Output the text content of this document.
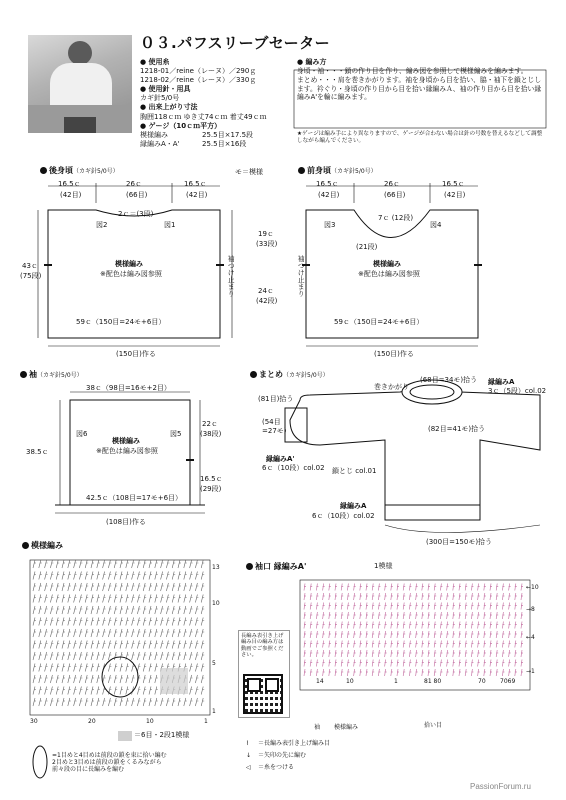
０３.パフスリーブセーター
● 使用糸
1218-01／reine（レーヌ）／290ｇ
1218-02／reine（レーヌ）／330ｇ
● 使用針・用具
カギ針5/0号
● 出来上がり寸法
胸囲118ｃｍ ゆき丈74ｃｍ 着丈49ｃｍ
● ゲージ（10ｃｍ平方）
模様編み	25.5目×17.5段
縁編みA・A'	25.5目×16段
● 編み方
身頃・袖・・・鎖の作り目を作り、編み図を参照して模様編みを編みます。
まとめ・・・肩を巻きかがります。袖を身頃から目を拾い、脇・袖下を鎖とじします。衿ぐり・身頃の作り目から目を拾い縁編みＡ、袖の作り目から目を拾い縁編みA'を輪に編みます。
★ゲージは編み手により異なりますので、ゲージが合わない場合は針の号数を替えるなどして調整しながら編んでください。
後身頃（カギ針5/0号）	モ＝模様
16.5ｃ	26ｃ	16.5ｃ
(42目)	(66目)	(42目)
2ｃ＝(3段)
図2	図1
模様編み
※配色は編み図参照
43ｃ
(75段)
19ｃ
(33段)
24ｃ
(42段)
袖つけ止まり
59ｃ（150目=24モ+6目）
(150目)作る
前身頃（カギ針5/0号）
16.5ｃ	26ｃ	16.5ｃ
(42目)	(66目)	(42目)
7ｃ (12段)
(21段)
図3	図4
模様編み
※配色は編み図参照
袖つけ止まり
59ｃ（150目=24モ+6目）
(150目)作る
袖（カギ針5/0号）
38ｃ（98目=16モ+2目）
図6	図5
模様編み
※配色は編み図参照
38.5ｃ
22ｃ
(38段)
16.5ｃ
(29段)
42.5ｃ（108目=17モ+6目）
(108目)作る
まとめ（カギ針5/0号）
(81目)拾う
(54目
=27モ)
巻きかがり
(68目=34モ)拾う 縁編みA
3ｃ（5段）col.02
(82目=41モ)拾う
縁編みA'
6ｃ（10段）col.02 鎖とじ col.01
縁編みA
6ｃ（10段）col.02
(300目=150モ)拾う
模様編み
30	20	10	1
13
10
5
1
＝6目・2段1模様
=1目めと4目めは前段の鎖を束に拾い編む
2目めと3目めは前段の鎖をくるみながら
前々段の目に長編みを編む
袖口 縁編みA'	1模様
←10
→8
←4
→1
14	10	1	81 80	70 7069
袖 模様編み	拾い目
長編み表引き上げ編み目の編み方は動画でご参照ください。
⌇ ＝長編み表引き上げ編み目
↓ ＝矢印の先に編む
◁ ＝糸をつける
PassionForum.ru
